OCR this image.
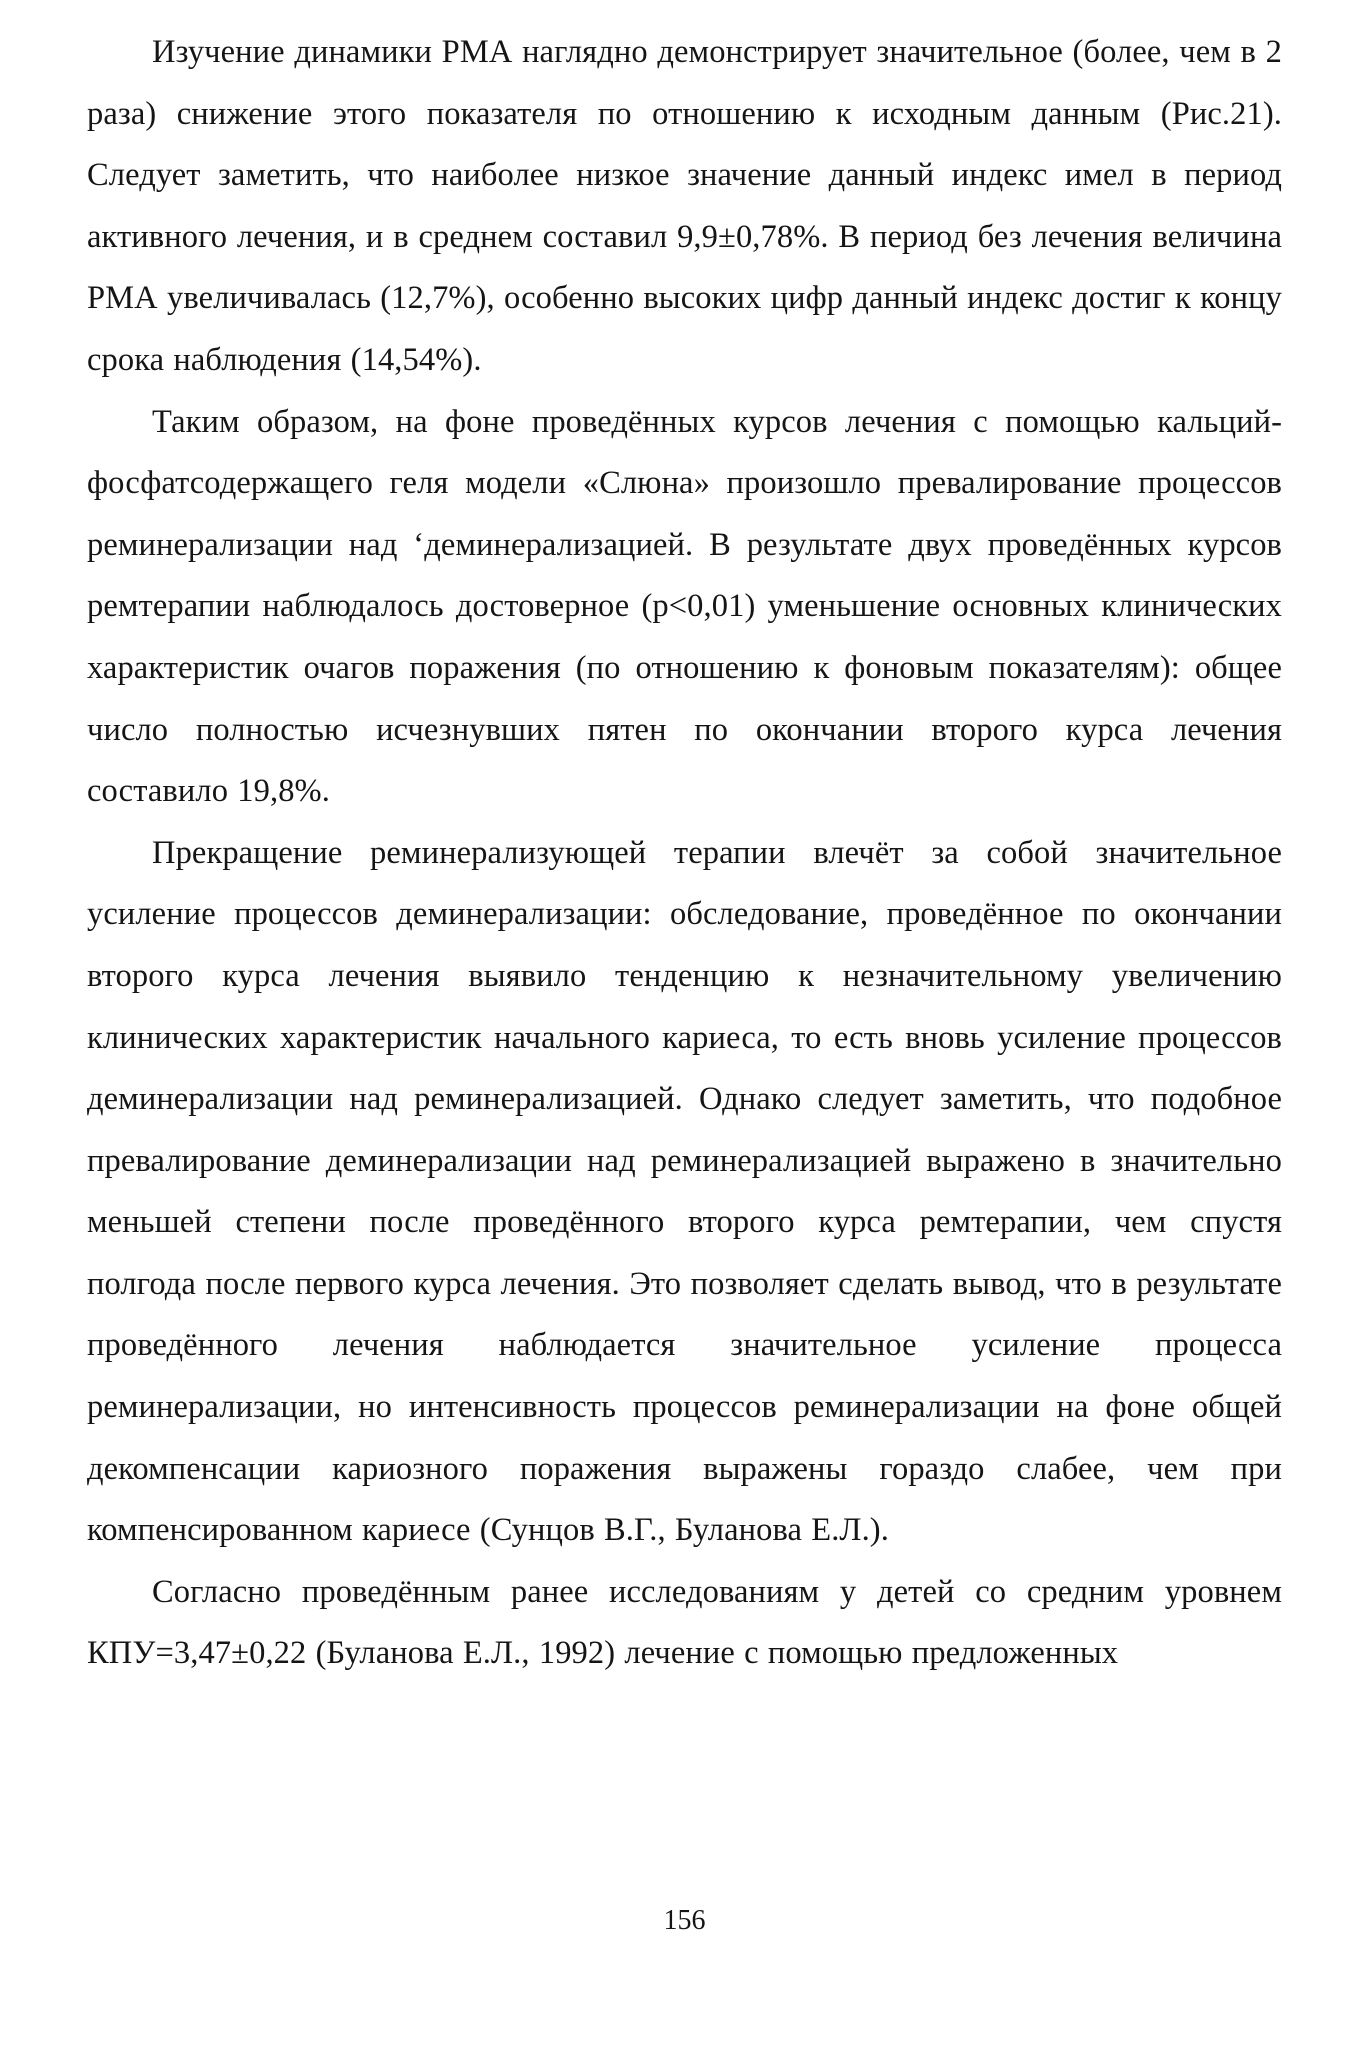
Изучение динамики РМА наглядно демонстрирует значительное (более, чем в 2 раза) снижение этого показателя по отношению к исходным данным (Рис.21). Следует заметить, что наиболее низкое значение данный индекс имел в период активного лечения, и в среднем составил 9,9±0,78%. В период без лечения величина РМА увеличивалась (12,7%), особенно высоких цифр данный индекс достиг к концу срока наблюдения (14,54%).

Таким образом, на фоне проведённых курсов лечения с помощью кальций-фосфатсодержащего геля модели «Слюна» произошло превалирование процессов реминерализации над ʻдеминерализацией. В результате двух проведённых курсов ремтерапии наблюдалось достоверное (p<0,01) уменьшение основных клинических характеристик очагов поражения (по отношению к фоновым показателям): общее число полностью исчезнувших пятен по окончании второго курса лечения составило 19,8%.

Прекращение реминерализующей терапии влечёт за собой значительное усиление процессов деминерализации: обследование, проведённое по окончании второго курса лечения выявило тенденцию к незначительному увеличению клинических характеристик начального кариеса, то есть вновь усиление процессов деминерализации над реминерализацией. Однако следует заметить, что подобное превалирование деминерализации над реминерализацией выражено в значительно меньшей степени после проведённого второго курса ремтерапии, чем спустя полгода после первого курса лечения. Это позволяет сделать вывод, что в результате проведённого лечения наблюдается значительное усиление процесса реминерализации, но интенсивность процессов реминерализации на фоне общей декомпенсации кариозного поражения выражены гораздо слабее, чем при компенсированном кариесе (Сунцов В.Г., Буланова Е.Л.).

Согласно проведённым ранее исследованиям у детей со средним уровнем КПУ=3,47±0,22 (Буланова Е.Л., 1992) лечение с помощью предложенных

156
